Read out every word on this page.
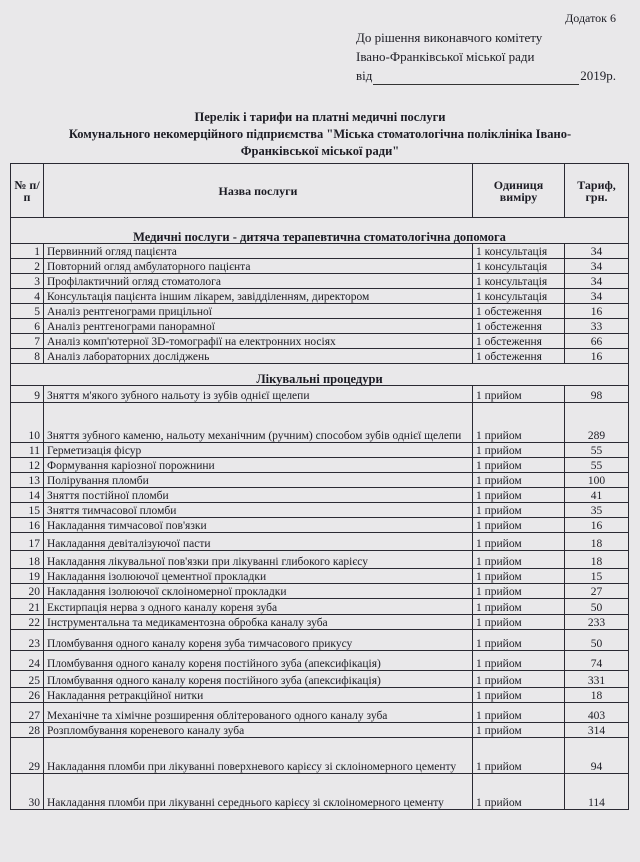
Додаток 6
До рішення виконавчого комітету
Івано-Франківської міської ради
від	2019р.
Перелік і тарифи на платні медичні послуги
Комунального некомерційного підприємства "Міська стоматологічна поліклініка Івано-
Франківської міської ради"
№ п/п	Назва послуги	Одиниця виміру	Тариф, грн.
Медичні послуги - дитяча терапевтична стоматологічна допомога			
1	Первинний огляд пацієнта	1 консультація	34
2	Повторний огляд амбулаторного пацієнта	1 консультація	34
3	Профілактичний огляд стоматолога	1 консультація	34
4	Консультація пацієнта іншим лікарем, завідділенням, директором	1 консультація	34
5	Аналіз рентгенограми прицільної	1 обстеження	16
6	Аналіз рентгенограми панорамної	1 обстеження	33
7	Аналіз комп'ютерної 3D-томографії на електронних носіях	1 обстеження	66
8	Аналіз лабораторних досліджень	1 обстеження	16
Лікувальні процедури			
9	Зняття м'якого зубного нальоту із зубів однієї щелепи	1 прийом	98
10	Зняття зубного каменю, нальоту механічним (ручним) способом зубів однієї щелепи	1 прийом	289
11	Герметизація фісур	1 прийом	55
12	Формування каріозної порожнини	1 прийом	55
13	Полірування пломби	1 прийом	100
14	Зняття постійної пломби	1 прийом	41
15	Зняття тимчасової пломби	1 прийом	35
16	Накладання тимчасової пов'язки	1 прийом	16
17	Накладання девіталізуючої пасти	1 прийом	18
18	Накладання лікувальної пов'язки при лікуванні глибокого карієсу	1 прийом	18
19	Накладання ізолюючої цементної прокладки	1 прийом	15
20	Накладання ізолюючої склоіномерної прокладки	1 прийом	27
21	Екстирпація нерва з одного каналу кореня зуба	1 прийом	50
22	Інструментальна та медикаментозна обробка каналу зуба	1 прийом	233
23	Пломбування одного каналу кореня зуба тимчасового прикусу	1 прийом	50
24	Пломбування одного каналу кореня постійного зуба (апексифікація)	1 прийом	74
25	Пломбування одного каналу кореня постійного зуба (апексифікація)	1 прийом	331
26	Накладання ретракційної нитки	1 прийом	18
27	Механічне та хімічне розширення облітерованого одного каналу зуба	1 прийом	403
28	Розпломбування кореневого каналу зуба	1 прийом	314
29	Накладання пломби при лікуванні поверхневого карієсу зі склоіномерного цементу	1 прийом	94
30	Накладання пломби при лікуванні середнього карієсу зі склоіномерного цементу	1 прийом	114
